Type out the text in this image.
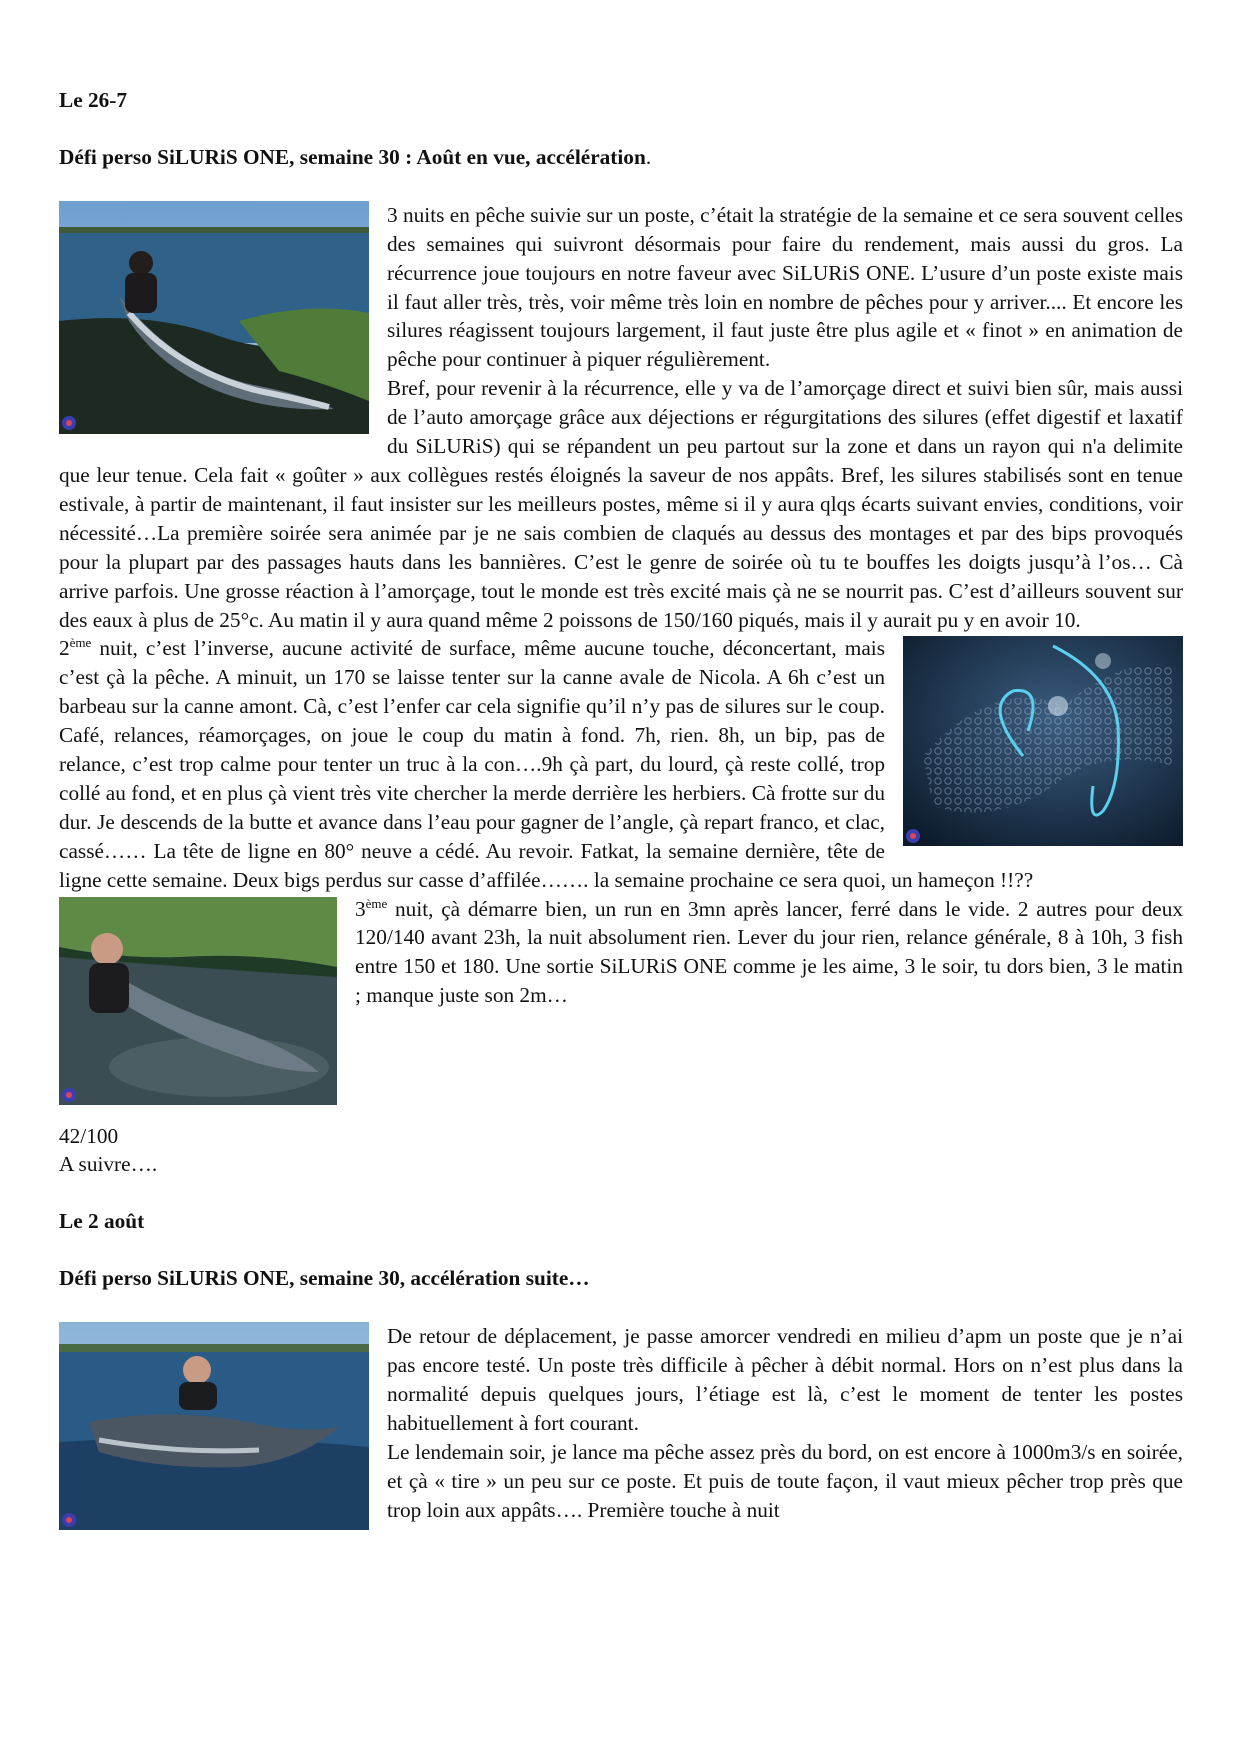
Le 26-7

Défi perso SiLURiS ONE, semaine 30 : Août en vue, accélération.

3 nuits en pêche suivie sur un poste, c’était la stratégie de la semaine et ce sera souvent celles des semaines qui suivront désormais pour faire du rendement, mais aussi du gros. La récurrence joue toujours en notre faveur avec SiLURiS ONE. L’usure d’un poste existe mais il faut aller très, très, voir même très loin en nombre de pêches pour y arriver.... Et encore les silures réagissent toujours largement, il faut juste être plus agile et « finot » en animation de pêche pour continuer à piquer régulièrement.

Bref, pour revenir à la récurrence, elle y va de l’amorçage direct et suivi bien sûr, mais aussi de l’auto amorçage grâce aux déjections er régurgitations des silures (effet digestif et laxatif du SiLURiS) qui se répandent un peu partout sur la zone et dans un rayon qui n'a delimite que leur tenue. Cela fait « goûter » aux collègues restés éloignés la saveur de nos appâts. Bref, les silures stabilisés sont en tenue estivale, à partir de maintenant, il faut insister sur les meilleurs postes, même si il y aura qlqs écarts suivant envies, conditions, voir nécessité…La première soirée sera animée par je ne sais combien de claqués au dessus des montages et par des bips provoqués pour la plupart par des passages hauts dans les bannières. C’est le genre de soirée où tu te bouffes les doigts jusqu’à l’os… Cà arrive parfois. Une grosse réaction à l’amorçage, tout le monde est très excité mais çà ne se nourrit pas. C’est d’ailleurs souvent sur des eaux à plus de 25°c. Au matin il y aura quand même 2 poissons de 150/160 piqués, mais il y aurait pu y en avoir 10.

2ème nuit, c’est l’inverse, aucune activité de surface, même aucune touche, déconcertant, mais c’est çà la pêche. A minuit, un 170 se laisse tenter sur la canne avale de Nicola. A 6h c’est un barbeau sur la canne amont. Cà, c’est l’enfer car cela signifie qu’il n’y pas de silures sur le coup. Café, relances, réamorçages, on joue le coup du matin à fond. 7h, rien. 8h, un bip, pas de relance, c’est trop calme pour tenter un truc à la con….9h çà part, du lourd, çà reste collé, trop collé au fond, et en plus çà vient très vite chercher la merde derrière les herbiers. Cà frotte sur du dur. Je descends de la butte et avance dans l’eau pour gagner de l’angle, çà repart franco, et clac, cassé…… La tête de ligne en 80° neuve a cédé. Au revoir. Fatkat, la semaine dernière, tête de ligne cette semaine. Deux bigs perdus sur casse d’affilée……. la semaine prochaine ce sera quoi, un hameçon !!??

3ème nuit, çà démarre bien, un run en 3mn après lancer, ferré dans le vide. 2 autres pour deux 120/140 avant 23h, la nuit absolument rien. Lever du jour rien, relance générale, 8 à 10h, 3 fish entre 150 et 180. Une sortie SiLURiS ONE comme je les aime, 3 le soir, tu dors bien, 3 le matin ; manque juste son 2m…

42/100

A suivre….

Le 2 août

Défi perso SiLURiS ONE, semaine 30, accélération suite…

De retour de déplacement, je passe amorcer vendredi en milieu d’apm un poste que je n’ai pas encore testé. Un poste très difficile à pêcher à débit normal. Hors on n’est plus dans la normalité depuis quelques jours, l’étiage est là, c’est le moment de tenter les postes habituellement à fort courant.

Le lendemain soir, je lance ma pêche assez près du bord, on est encore à 1000m3/s en soirée, et çà « tire » un peu sur ce poste. Et puis de toute façon, il vaut mieux pêcher trop près que trop loin aux appâts…. Première touche à nuit
